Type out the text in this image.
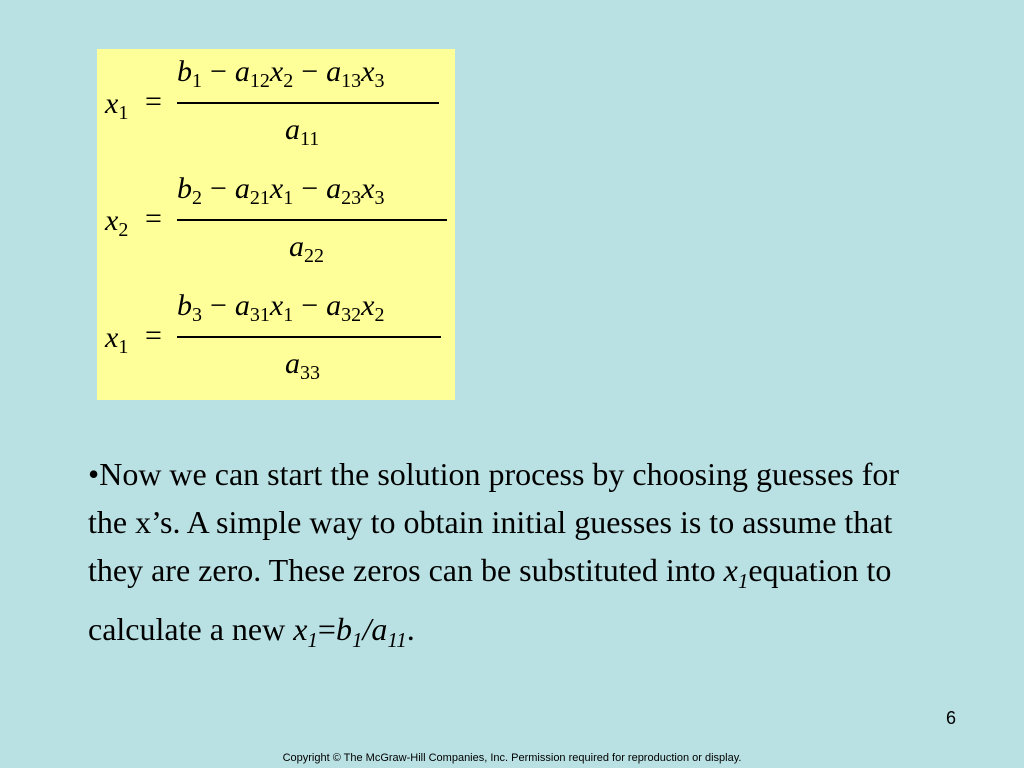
$x_1$ =
$b_1 - a_{12}x_2 - a_{13}x_3$
$a_{11}$
$x_2$ =
$b_2 - a_{21}x_1 - a_{23}x_3$
$a_{22}$
$x_1$ =
$b_3 - a_{31}x_1 - a_{32}x_2$
$a_{33}$
•Now we can start the solution process by choosing guesses for the x’s. A simple way to obtain initial guesses is to assume that they are zero. These zeros can be substituted into $x_1equation$ to calculate a new $x_1=b_1/a_{11}$.
6
Copyright © The McGraw-Hill Companies, Inc. Permission required for reproduction or display.
